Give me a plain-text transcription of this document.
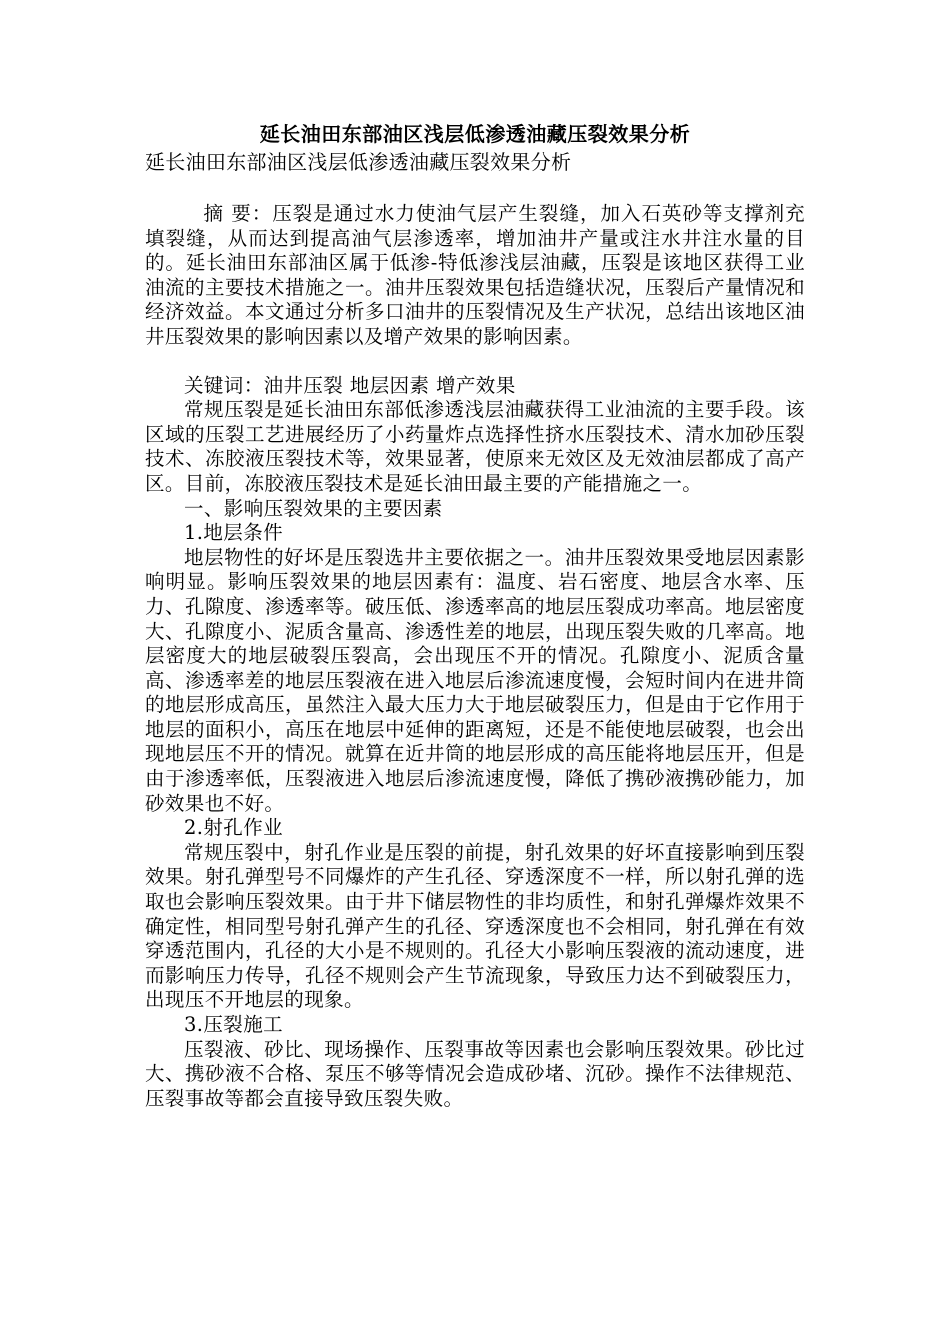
延长油田东部油区浅层低渗透油藏压裂效果分析
延长油田东部油区浅层低渗透油藏压裂效果分析

摘 要：压裂是通过水力使油气层产生裂缝，加入石英砂等支撑剂充填裂缝，从而达到提高油气层渗透率，增加油井产量或注水井注水量的目的。延长油田东部油区属于低渗-特低渗浅层油藏，压裂是该地区获得工业油流的主要技术措施之一。油井压裂效果包括造缝状况，压裂后产量情况和经济效益。本文通过分析多口油井的压裂情况及生产状况，总结出该地区油井压裂效果的影响因素以及增产效果的影响因素。

关键词：油井压裂 地层因素 增产效果

常规压裂是延长油田东部低渗透浅层油藏获得工业油流的主要手段。该区域的压裂工艺进展经历了小药量炸点选择性挤水压裂技术、清水加砂压裂技术、冻胶液压裂技术等，效果显著，使原来无效区及无效油层都成了高产区。目前，冻胶液压裂技术是延长油田最主要的产能措施之一。

一、影响压裂效果的主要因素

1.地层条件

地层物性的好坏是压裂选井主要依据之一。油井压裂效果受地层因素影响明显。影响压裂效果的地层因素有：温度、岩石密度、地层含水率、压力、孔隙度、渗透率等。破压低、渗透率高的地层压裂成功率高。地层密度大、孔隙度小、泥质含量高、渗透性差的地层，出现压裂失败的几率高。地层密度大的地层破裂压裂高，会出现压不开的情况。孔隙度小、泥质含量高、渗透率差的地层压裂液在进入地层后渗流速度慢，会短时间内在进井筒的地层形成高压，虽然注入最大压力大于地层破裂压力，但是由于它作用于地层的面积小，高压在地层中延伸的距离短，还是不能使地层破裂，也会出现地层压不开的情况。就算在近井筒的地层形成的高压能将地层压开，但是由于渗透率低，压裂液进入地层后渗流速度慢，降低了携砂液携砂能力，加砂效果也不好。

2.射孔作业

常规压裂中，射孔作业是压裂的前提，射孔效果的好坏直接影响到压裂效果。射孔弹型号不同爆炸的产生孔径、穿透深度不一样，所以射孔弹的选取也会影响压裂效果。由于井下储层物性的非均质性，和射孔弹爆炸效果不确定性，相同型号射孔弹产生的孔径、穿透深度也不会相同，射孔弹在有效穿透范围内，孔径的大小是不规则的。孔径大小影响压裂液的流动速度，进而影响压力传导，孔径不规则会产生节流现象，导致压力达不到破裂压力，出现压不开地层的现象。

3.压裂施工

压裂液、砂比、现场操作、压裂事故等因素也会影响压裂效果。砂比过大、携砂液不合格、泵压不够等情况会造成砂堵、沉砂。操作不法律规范、压裂事故等都会直接导致压裂失败。
